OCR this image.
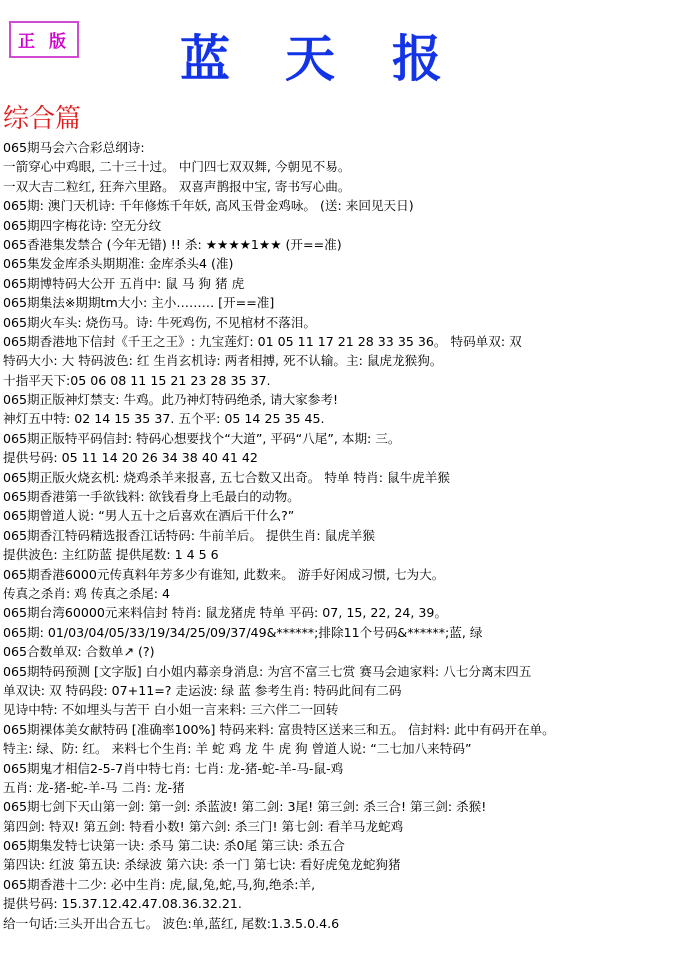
正 版 蓝 天 报
综合篇
065期马会六合彩总纲诗:
一箭穿心中鸡眼, 二十三十过。 中门四七双双舞, 今朝见不易。
一双大吉二粒红, 狂奔六里路。 双喜声鹊报中宝, 寄书写心曲。
065期: 澳门天机诗: 千年修炼千年妖, 高风玉骨金鸡咏。 (送: 来回见天日)
065期四字梅花诗: 空无分纹
065香港集发禁合 (今年无错) !! 杀: ★★★★1★★ (开==准)
065集发金库杀头期期准: 金库杀头4 (准)
065期博特码大公开 五肖中: 鼠 马 狗 猪 虎
065期集法※期期tm大小: 主小……… [开==准]
065期火车头: 烧伤马。诗: 牛死鸡伤, 不见棺材不落泪。
065期香港地下信封《千王之王》: 九宝莲灯: 01 05 11 17 21 28 33 35 36。 特码单双: 双
特码大小: 大 特码波色: 红 生肖玄机诗: 两者相搏, 死不认输。主: 鼠虎龙猴狗。
十指平天下:05 06 08 11 15 21 23 28 35 37.
065期正版神灯禁支: 牛鸡。此乃神灯特码绝杀, 请大家参考!
神灯五中特: 02 14 15 35 37. 五个平: 05 14 25 35 45.
065期正版特平码信封: 特码心想要找个“大道”, 平码“八尾”, 本期: 三。
提供号码: 05 11 14 20 26 34 38 40 41 42
065期正版火烧玄机: 烧鸡杀羊来报喜, 五七合数又出奇。 特单 特肖: 鼠牛虎羊猴
065期香港第一手欲钱料: 欲钱看身上毛最白的动物。
065期曾道人说: “男人五十之后喜欢在酒后干什么?”
065期香江特码精选报香江话特码: 牛前羊后。 提供生肖: 鼠虎羊猴
提供波色: 主红防蓝 提供尾数: 1 4 5 6
065期香港6000元传真料年芳多少有谁知, 此数来。 游手好闲成习惯, 七为大。
传真之杀肖: 鸡 传真之杀尾: 4
065期台湾60000元来料信封 特肖: 鼠龙猪虎 特单 平码: 07, 15, 22, 24, 39。
065期: 01/03/04/05/33/19/34/25/09/37/49&******;排除11个号码&******;蓝, 绿
065合数单双: 合数单↗ (?)
065期特码预测 [文字版] 白小姐内幕亲身消息: 为宫不富三七赏 赛马会迪家料: 八七分离末四五
单双诀: 双 特码段: 07+11=? 走运波: 绿 蓝 参考生肖: 特码此间有二码
见诗中特: 不如埋头与苦干 白小姐一言来料: 三六伴二一回转
065期裸体美女献特码 [准确率100%] 特码来料: 富贵特区送来三和五。 信封料: 此中有码开在单。
特主: 绿、防: 红。 来料七个生肖: 羊 蛇 鸡 龙 牛 虎 狗 曾道人说: “二七加八来特码”
065期鬼才相信2-5-7肖中特七肖: 七肖: 龙-猪-蛇-羊-马-鼠-鸡
五肖: 龙-猪-蛇-羊-马 二肖: 龙-猪
065期七剑下天山第一剑: 第一剑: 杀蓝波! 第二剑: 3尾! 第三剑: 杀三合! 第三剑: 杀猴!
第四剑: 特双! 第五剑: 特看小数! 第六剑: 杀三门! 第七剑: 看羊马龙蛇鸡
065期集发特七诀第一诀: 杀马 第二诀: 杀0尾 第三诀: 杀五合
第四诀: 红波 第五诀: 杀绿波 第六诀: 杀一门 第七诀: 看好虎兔龙蛇狗猪
065期香港十二少: 必中生肖: 虎,鼠,兔,蛇,马,狗,绝杀:羊,
提供号码: 15.37.12.42.47.08.36.32.21.
给一句话:三头开出合五七。 波色:单,蓝红, 尾数:1.3.5.0.4.6
